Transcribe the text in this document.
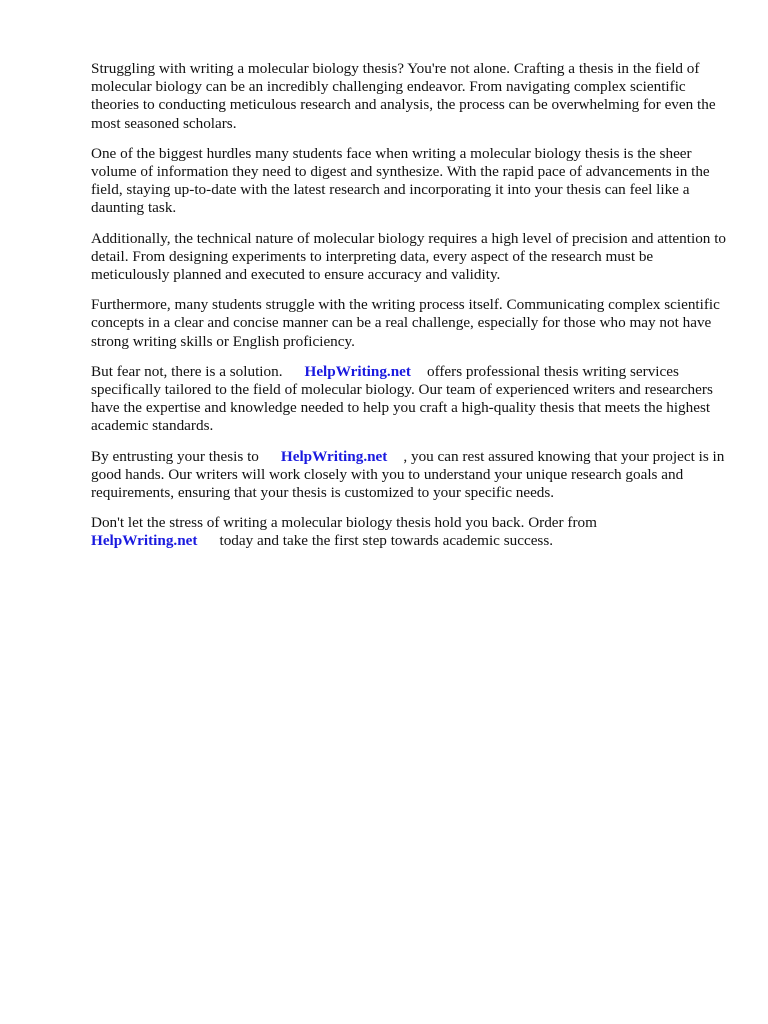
Struggling with writing a molecular biology thesis? You're not alone. Crafting a thesis in the field of molecular biology can be an incredibly challenging endeavor. From navigating complex scientific theories to conducting meticulous research and analysis, the process can be overwhelming for even the most seasoned scholars.

One of the biggest hurdles many students face when writing a molecular biology thesis is the sheer volume of information they need to digest and synthesize. With the rapid pace of advancements in the field, staying up-to-date with the latest research and incorporating it into your thesis can feel like a daunting task.

Additionally, the technical nature of molecular biology requires a high level of precision and attention to detail. From designing experiments to interpreting data, every aspect of the research must be meticulously planned and executed to ensure accuracy and validity.

Furthermore, many students struggle with the writing process itself. Communicating complex scientific concepts in a clear and concise manner can be a real challenge, especially for those who may not have strong writing skills or English proficiency.

But fear not, there is a solution. HelpWriting.net offers professional thesis writing services specifically tailored to the field of molecular biology. Our team of experienced writers and researchers have the expertise and knowledge needed to help you craft a high-quality thesis that meets the highest academic standards.

By entrusting your thesis to HelpWriting.net , you can rest assured knowing that your project is in good hands. Our writers will work closely with you to understand your unique research goals and requirements, ensuring that your thesis is customized to your specific needs.

Don't let the stress of writing a molecular biology thesis hold you back. Order from
HelpWriting.net today and take the first step towards academic success.
